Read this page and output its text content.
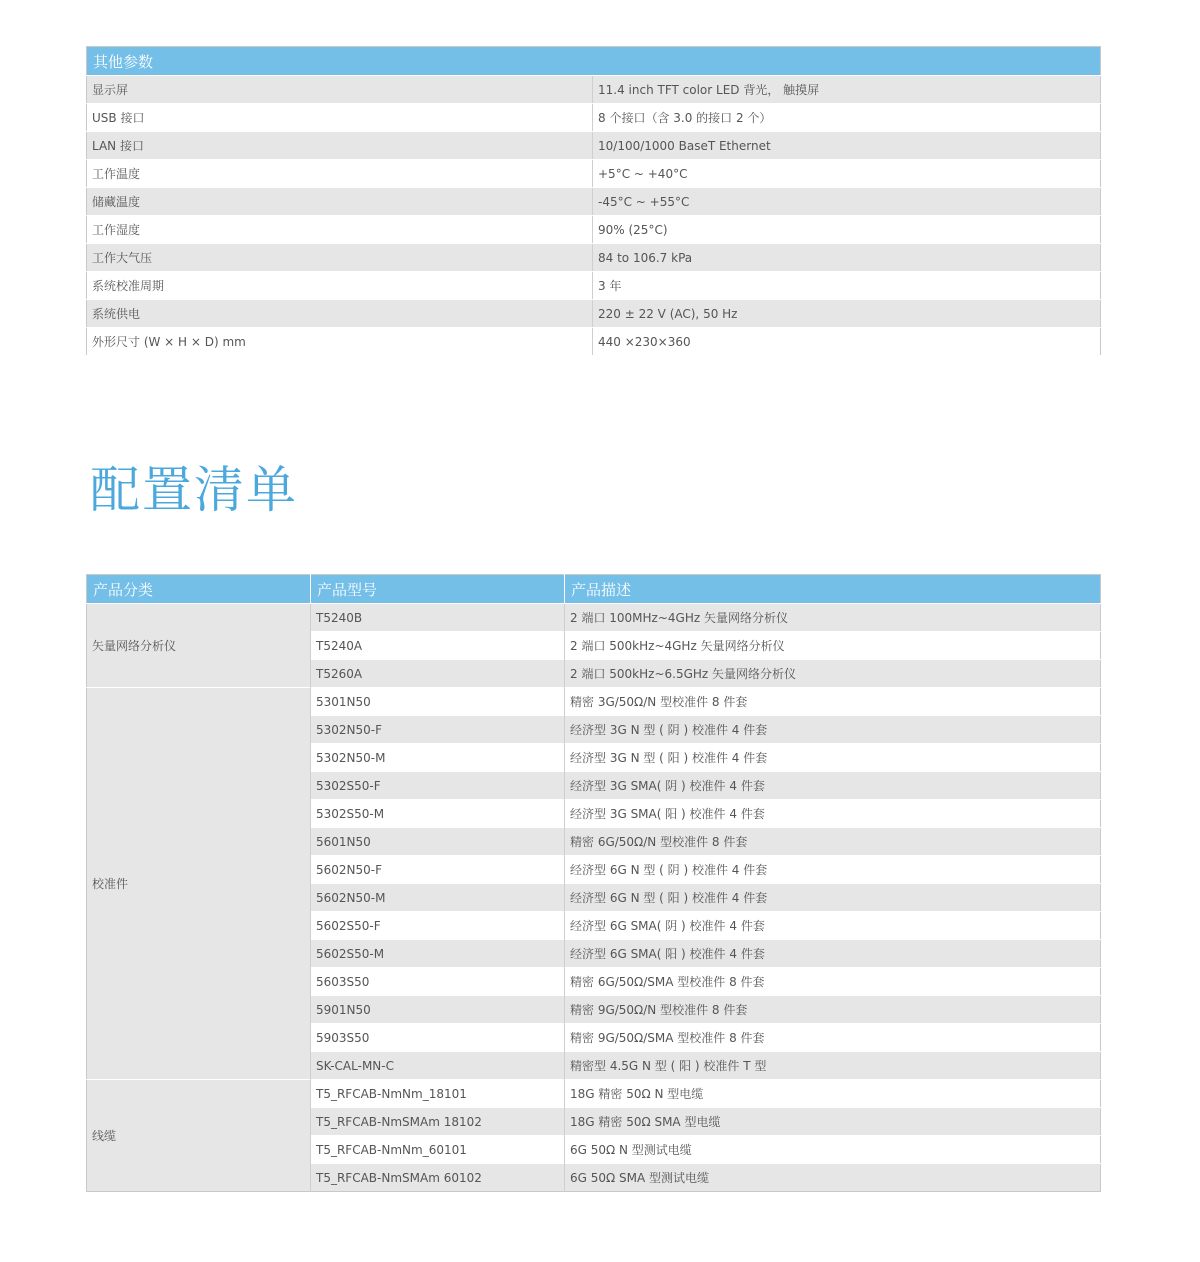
其他参数	
显示屏	11.4 inch TFT color LED 背光， 触摸屏
USB 接口	8 个接口（含 3.0 的接口 2 个）
LAN 接口	10/100/1000 BaseT Ethernet
工作温度	+5°C ~ +40°C
储藏温度	-45°C ~ +55°C
工作湿度	90% (25°C)
工作大气压	84 to 106.7 kPa
系统校准周期	3 年
系统供电	220 ± 22 V (AC), 50 Hz
外形尺寸 (W × H × D) mm	440 ×230×360
配置清单
产品分类	产品型号	产品描述
矢量网络分析仪	T5240B	2 端口 100MHz~4GHz 矢量网络分析仪
	T5240A	2 端口 500kHz~4GHz 矢量网络分析仪
	T5260A	2 端口 500kHz~6.5GHz 矢量网络分析仪
校准件	5301N50	精密 3G/50Ω/N 型校准件 8 件套
	5302N50-F	经济型 3G N 型 ( 阴 ) 校准件 4 件套
	5302N50-M	经济型 3G N 型 ( 阳 ) 校准件 4 件套
	5302S50-F	经济型 3G SMA( 阴 ) 校准件 4 件套
	5302S50-M	经济型 3G SMA( 阳 ) 校准件 4 件套
	5601N50	精密 6G/50Ω/N 型校准件 8 件套
	5602N50-F	经济型 6G N 型 ( 阴 ) 校准件 4 件套
	5602N50-M	经济型 6G N 型 ( 阳 ) 校准件 4 件套
	5602S50-F	经济型 6G SMA( 阴 ) 校准件 4 件套
	5602S50-M	经济型 6G SMA( 阳 ) 校准件 4 件套
	5603S50	精密 6G/50Ω/SMA 型校准件 8 件套
	5901N50	精密 9G/50Ω/N 型校准件 8 件套
	5903S50	精密 9G/50Ω/SMA 型校准件 8 件套
	SK-CAL-MN-C	精密型 4.5G N 型 ( 阳 ) 校准件 T 型
线缆	T5_RFCAB-NmNm_18101	18G 精密 50Ω N 型电缆
	T5_RFCAB-NmSMAm 18102	18G 精密 50Ω SMA 型电缆
	T5_RFCAB-NmNm_60101	6G 50Ω N 型测试电缆
	T5_RFCAB-NmSMAm 60102	6G 50Ω SMA 型测试电缆
